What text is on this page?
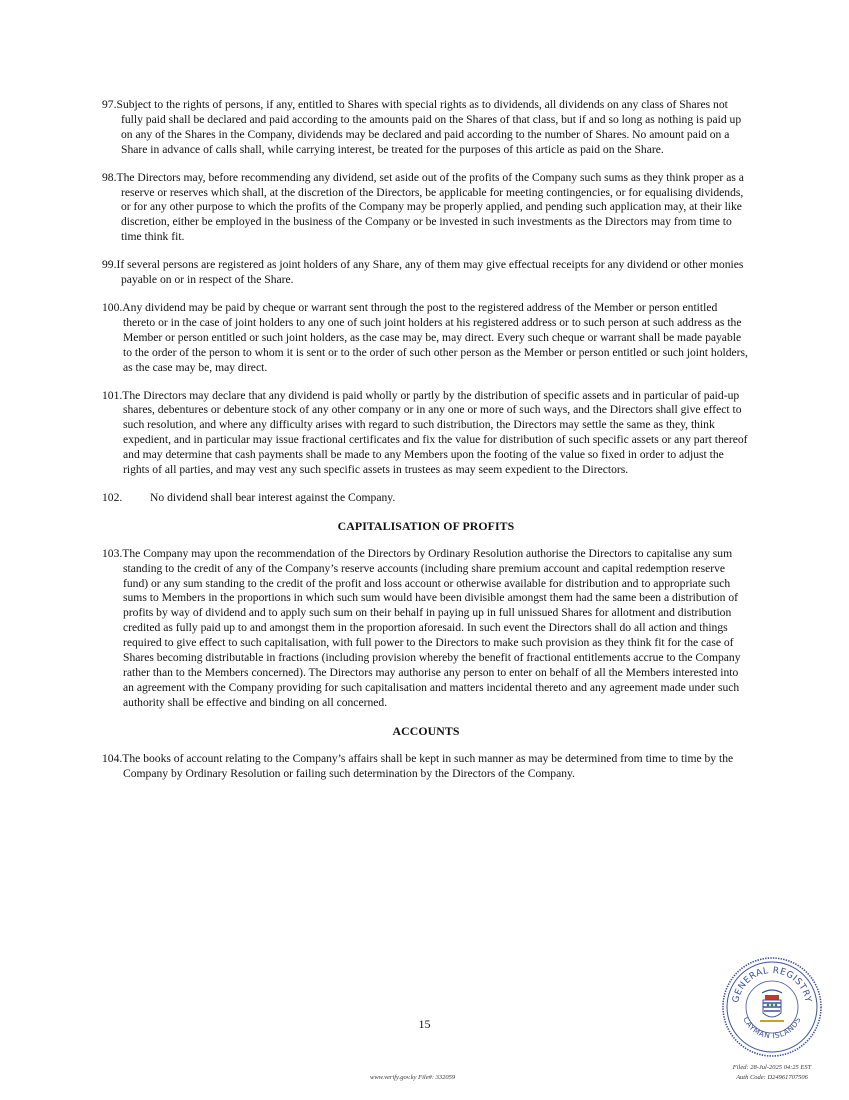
97.Subject to the rights of persons, if any, entitled to Shares with special rights as to dividends, all dividends on any class of Shares not fully paid shall be declared and paid according to the amounts paid on the Shares of that class, but if and so long as nothing is paid up on any of the Shares in the Company, dividends may be declared and paid according to the number of Shares. No amount paid on a Share in advance of calls shall, while carrying interest, be treated for the purposes of this article as paid on the Share.

98.The Directors may, before recommending any dividend, set aside out of the profits of the Company such sums as they think proper as a reserve or reserves which shall, at the discretion of the Directors, be applicable for meeting contingencies, or for equalising dividends, or for any other purpose to which the profits of the Company may be properly applied, and pending such application may, at their like discretion, either be employed in the business of the Company or be invested in such investments as the Directors may from time to time think fit.

99.If several persons are registered as joint holders of any Share, any of them may give effectual receipts for any dividend or other monies payable on or in respect of the Share.

100.Any dividend may be paid by cheque or warrant sent through the post to the registered address of the Member or person entitled thereto or in the case of joint holders to any one of such joint holders at his registered address or to such person at such address as the Member or person entitled or such joint holders, as the case may be, may direct. Every such cheque or warrant shall be made payable to the order of the person to whom it is sent or to the order of such other person as the Member or person entitled or such joint holders, as the case may be, may direct.

101.The Directors may declare that any dividend is paid wholly or partly by the distribution of specific assets and in particular of paid-up shares, debentures or debenture stock of any other company or in any one or more of such ways, and the Directors shall give effect to such resolution, and where any difficulty arises with regard to such distribution, the Directors may settle the same as they, think expedient, and in particular may issue fractional certificates and fix the value for distribution of such specific assets or any part thereof and may determine that cash payments shall be made to any Members upon the footing of the value so fixed in order to adjust the rights of all parties, and may vest any such specific assets in trustees as may seem expedient to the Directors.

102. No dividend shall bear interest against the Company.

CAPITALISATION OF PROFITS

103.The Company may upon the recommendation of the Directors by Ordinary Resolution authorise the Directors to capitalise any sum standing to the credit of any of the Company’s reserve accounts (including share premium account and capital redemption reserve fund) or any sum standing to the credit of the profit and loss account or otherwise available for distribution and to appropriate such sums to Members in the proportions in which such sum would have been divisible amongst them had the same been a distribution of profits by way of dividend and to apply such sum on their behalf in paying up in full unissued Shares for allotment and distribution credited as fully paid up to and amongst them in the proportion aforesaid. In such event the Directors shall do all action and things required to give effect to such capitalisation, with full power to the Directors to make such provision as they think fit for the case of Shares becoming distributable in fractions (including provision whereby the benefit of fractional entitlements accrue to the Company rather than to the Members concerned). The Directors may authorise any person to enter on behalf of all the Members interested into an agreement with the Company providing for such capitalisation and matters incidental thereto and any agreement made under such authority shall be effective and binding on all concerned.

ACCOUNTS

104.The books of account relating to the Company’s affairs shall be kept in such manner as may be determined from time to time by the Company by Ordinary Resolution or failing such determination by the Directors of the Company.

15
GENERAL REGISTRY
CAYMAN ISLANDS
www.verify.gov.ky File#: 332059
Filed: 28-Jul-2025 04:25 EST
Auth Code: D24961707506
